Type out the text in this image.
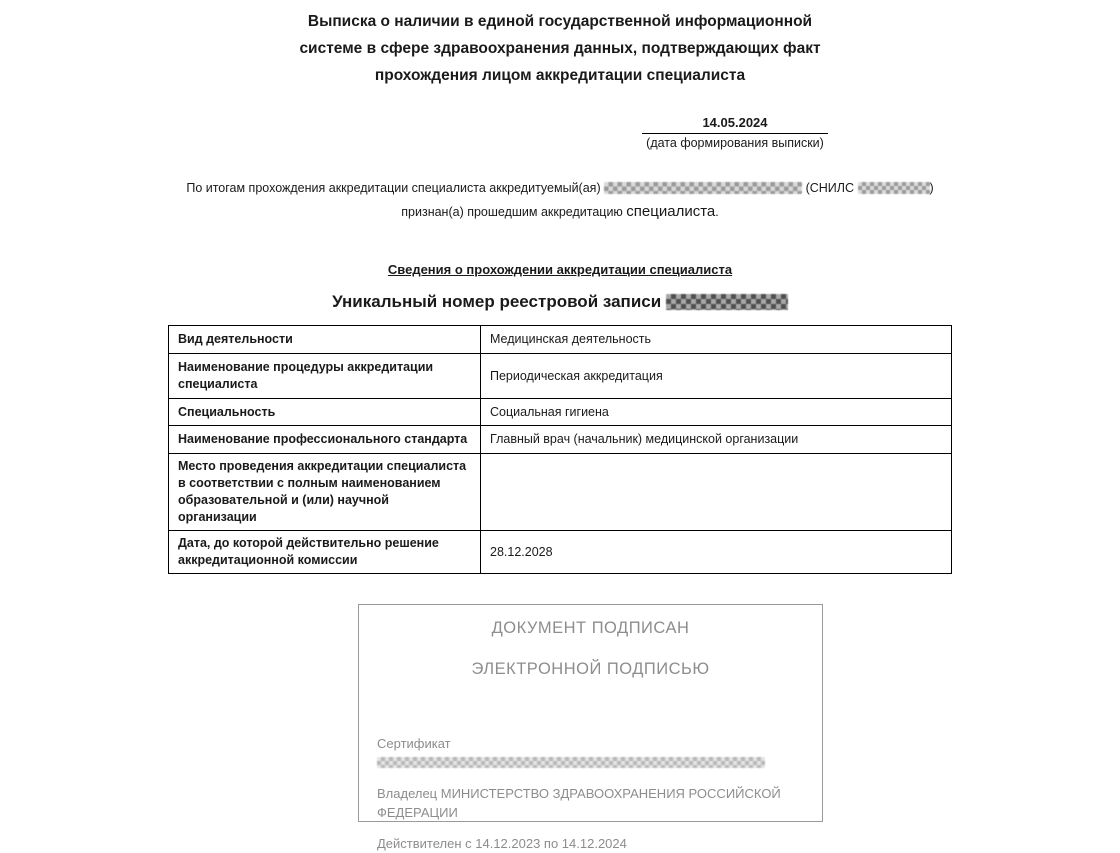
Выписка о наличии в единой государственной информационной
системе в сфере здравоохранения данных, подтверждающих факт
прохождения лицом аккредитации специалиста
14.05.2024
(дата формирования выписки)
По итогам прохождения аккредитации специалиста аккредитуемый(ая)	(СНИЛС	)
признан(а) прошедшим аккредитацию специалиста.
Сведения о прохождении аккредитации специалиста
Уникальный номер реестровой записи
Вид деятельности	Медицинская деятельность
Наименование процедуры аккредитации специалиста	Периодическая аккредитация
Специальность	Социальная гигиена
Наименование профессионального стандарта	Главный врач (начальник) медицинской организации
Место проведения аккредитации специалиста в соответствии с полным наименованием образовательной и (или) научной организации	
Дата, до которой действительно решение аккредитационной комиссии	28.12.2028
ДОКУМЕНТ ПОДПИСАН
ЭЛЕКТРОННОЙ ПОДПИСЬЮ
Сертификат
Владелец МИНИСТЕРСТВО ЗДРАВООХРАНЕНИЯ РОССИЙСКОЙ ФЕДЕРАЦИИ
Действителен с 14.12.2023 по 14.12.2024
